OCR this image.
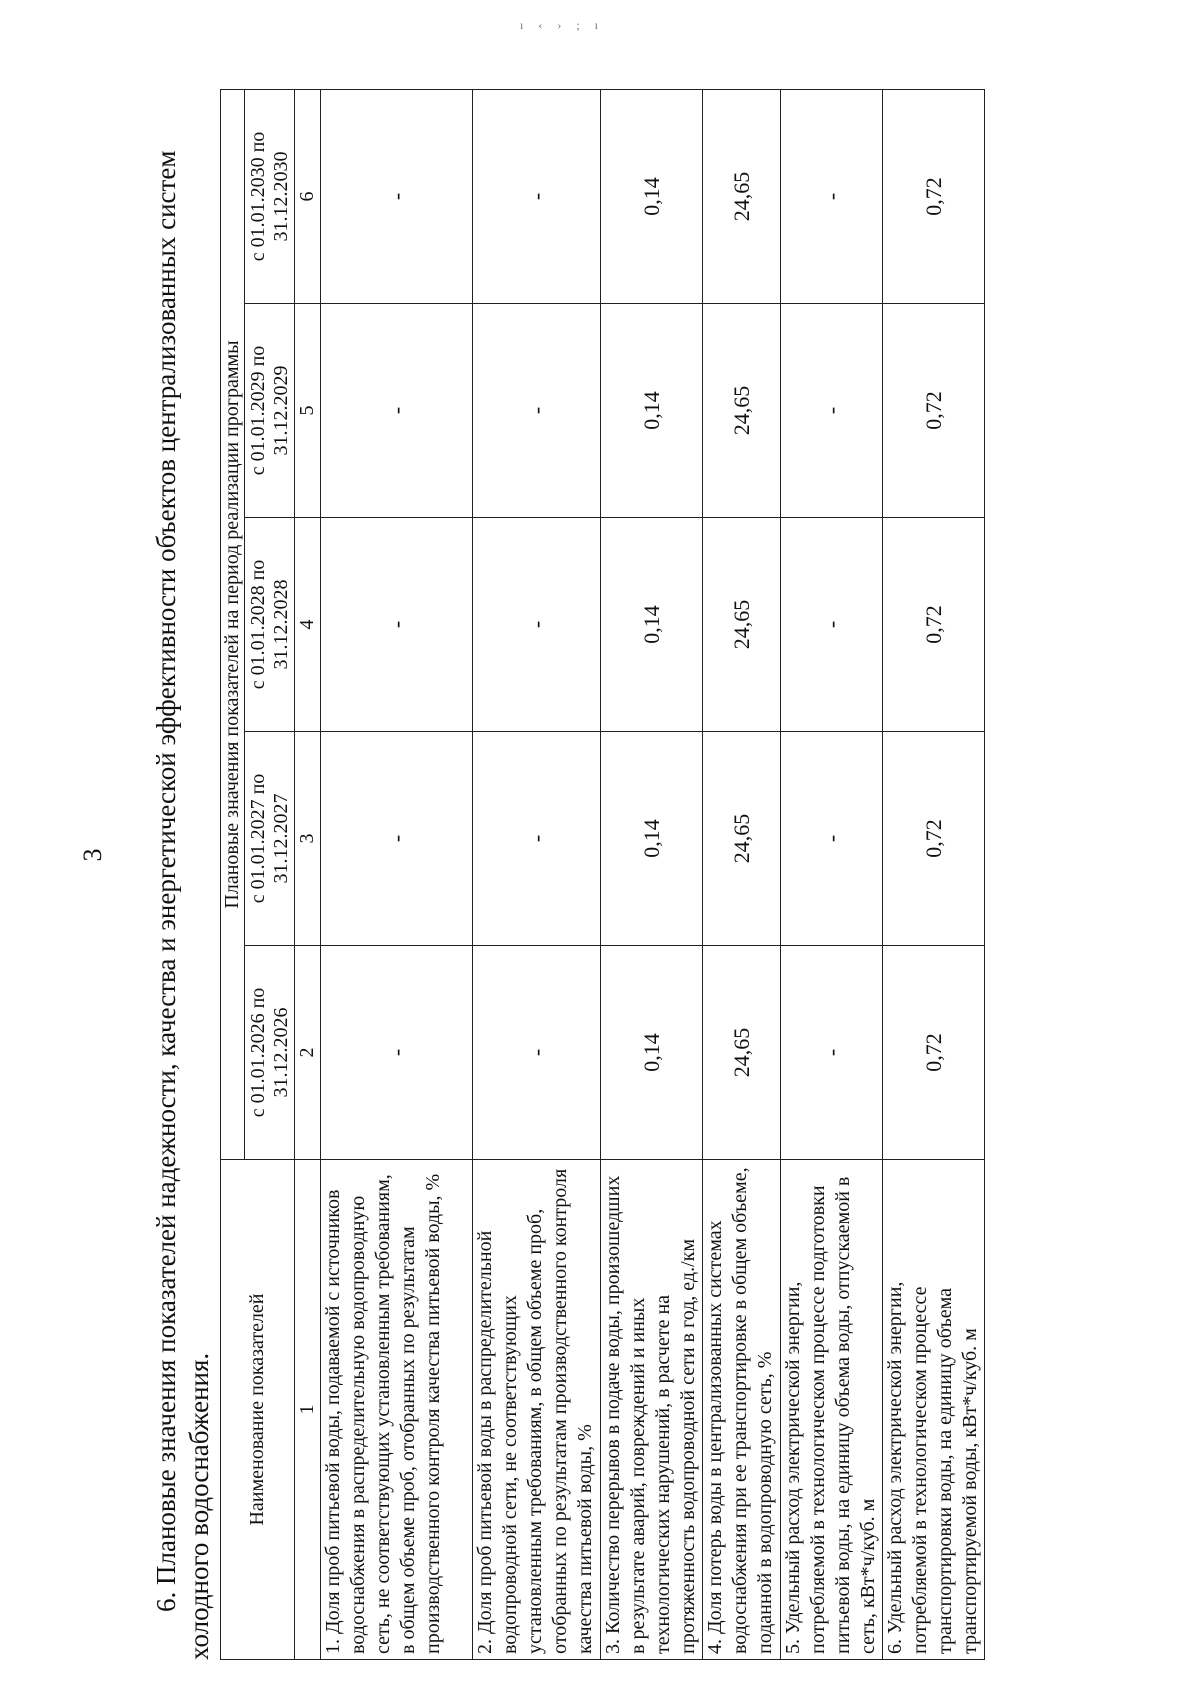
ı ‹ › ; ı
3 6. Плановые значения показателей надежности, качества и энергетической эффективности объектов централизованных систем холодного водоснабжения. Наименование показателей	Плановые значения показателей на период реализации программы				
	с 01.01.2026 по 31.12.2026	с 01.01.2027 по 31.12.2027	с 01.01.2028 по 31.12.2028	с 01.01.2029 по 31.12.2029	с 01.01.2030 по 31.12.2030
1	2	3	4	5	6
1. Доля проб питьевой воды, подаваемой с источников водоснабжения в распределительную водопроводную сеть, не соответствующих установленным требованиям, в общем объеме проб, отобранных по результатам производственного контроля качества питьевой воды, %	-	-	-	-	-
2. Доля проб питьевой воды в распределительной водопроводной сети, не соответствующих установленным требованиям, в общем объеме проб, отобранных по результатам производственного контроля качества питьевой воды, %	-	-	-	-	-
3. Количество перерывов в подаче воды, произошедших в результате аварий, повреждений и иных технологических нарушений, в расчете на протяженность водопроводной сети в год, ед./км	0,14	0,14	0,14	0,14	0,14
4. Доля потерь воды в централизованных системах водоснабжения при ее транспортировке в общем объеме, поданной в водопроводную сеть, %	24,65	24,65	24,65	24,65	24,65
5. Удельный расход электрической энергии, потребляемой в технологическом процессе подготовки питьевой воды, на единицу объема воды, отпускаемой в сеть, кВт*ч/куб. м	-	-	-	-	-
6. Удельный расход электрической энергии, потребляемой в технологическом процессе транспортировки воды, на единицу объема транспортируемой воды, кВт*ч/куб. м	0,72	0,72	0,72	0,72	0,72
